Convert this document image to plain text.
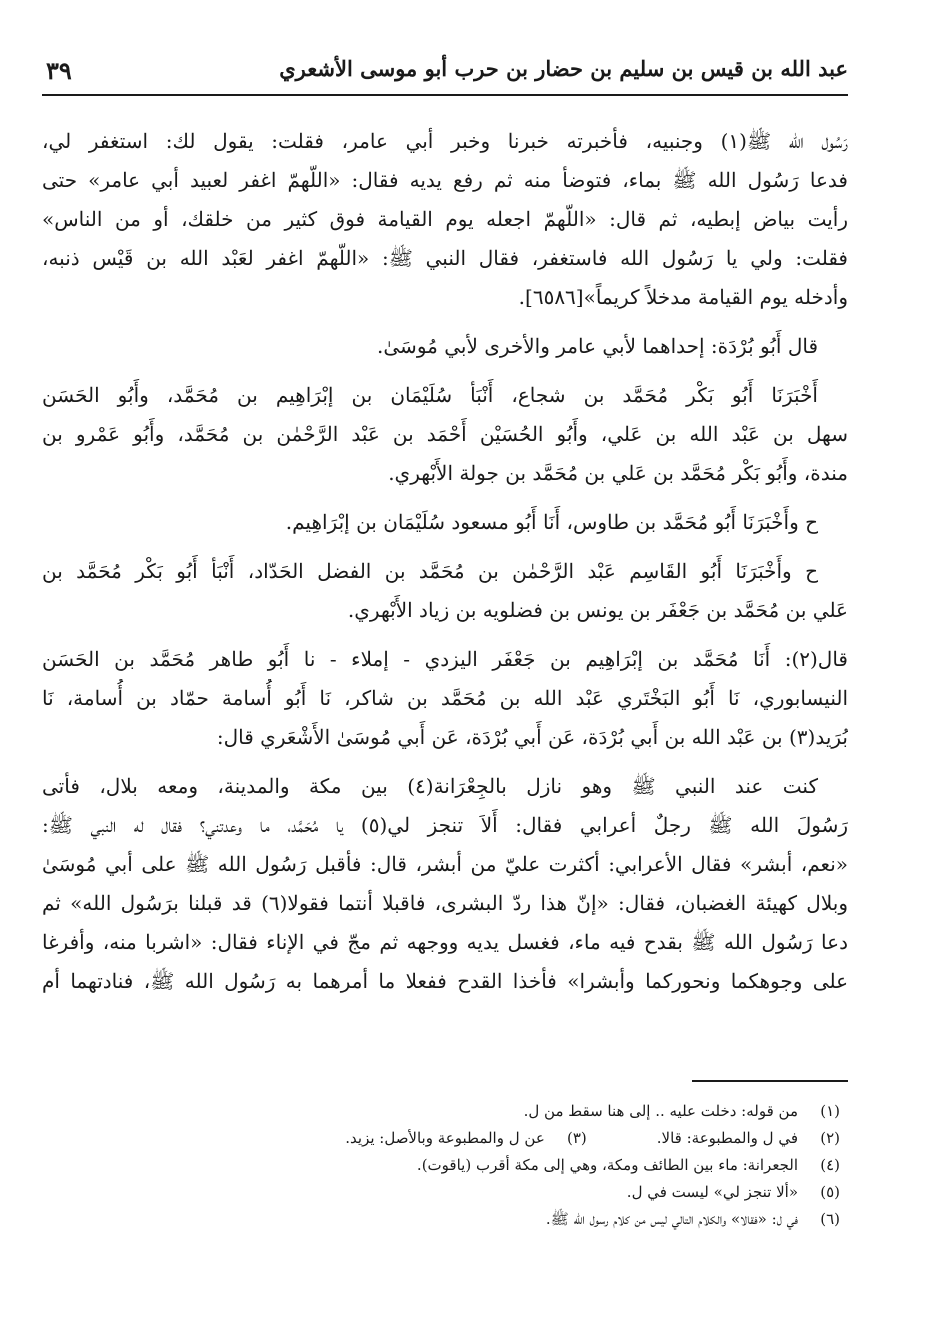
عبد الله بن قيس بن سليم بن حضار بن حرب أبو موسى الأشعري
٣٩
رَسُول الله ﷺ(١) وجنبيه، فأخبرته خبرنا وخبر أبي عامر، فقلت: يقول لك: استغفر لي،
فدعا رَسُول الله ﷺ بماء، فتوضأ منه ثم رفع يديه فقال: «اللّهمّ اغفر لعبيد أبي عامر» حتى
رأيت بياض إبطيه، ثم قال: «اللّهمّ اجعله يوم القيامة فوق كثير من خلقك، أو من الناس»
فقلت: ولي يا رَسُول الله فاستغفر، فقال النبي ﷺ: «اللّهمّ اغفر لعَبْد الله بن قَيْس ذنبه،
وأدخله يوم القيامة مدخلاً كريماً»[٦٥٨٦].
قال أَبُو بُرْدَة: إحداهما لأبي عامر والأخرى لأبي مُوسَىٰ.
أَخْبَرَنَا أَبُو بَكْر مُحَمَّد بن شجاع، أَنْبَأ سُلَيْمَان بن إبْرَاهِيم بن مُحَمَّد، وأَبُو الحَسَن
سهل بن عَبْد الله بن عَلي، وأَبُو الحُسَيْن أَحْمَد بن عَبْد الرَّحْمٰن بن مُحَمَّد، وأَبُو عَمْرو بن
مندة، وأَبُو بَكْر مُحَمَّد بن عَلي بن مُحَمَّد بن جولة الأَبْهري.
ح وأَخْبَرَنَا أَبُو مُحَمَّد بن طاوس، أَنَا أَبُو مسعود سُلَيْمَان بن إبْرَاهِيم.
ح وأَخْبَرَنَا أَبُو القَاسِم عَبْد الرَّحْمٰن بن مُحَمَّد بن الفضل الحَدّاد، أَنْبَأ أَبُو بَكْر مُحَمَّد بن
عَلي بن مُحَمَّد بن جَعْفَر بن يونس بن فضلويه بن زياد الأَبْهري.
قال(٢): أَنَا مُحَمَّد بن إبْرَاهِيم بن جَعْفَر اليزدي - إملاء - نا أَبُو طاهر مُحَمَّد بن الحَسَن
النيسابوري، نَا أَبُو البَخْتَري عَبْد الله بن مُحَمَّد بن شاكر، نَا أَبُو أُسامة حمّاد بن أُسامة، نَا
بُرَيد(٣) بن عَبْد الله بن أَبي بُرْدَة، عَن أَبي بُرْدَة، عَن أَبي مُوسَىٰ الأَشْعَري قال:
كنت عند النبي ﷺ وهو نازل بالجِعْرَانة(٤) بين مكة والمدينة، ومعه بلال، فأتى
رَسُولَ الله ﷺ رجلٌ أعرابي فقال: أَلاَ تنجز لي(٥) يا مُحَمَّد، ما وعدتني؟ فقال له النبي ﷺ:
«نعم، أبشر» فقال الأعرابي: أكثرت عليّ من أبشر، قال: فأقبل رَسُول الله ﷺ على أبي مُوسَىٰ
وبلال كهيئة الغضبان، فقال: «إنّ هذا ردّ البشرى، فاقبلا أنتما فقولا(٦) قد قبلنا برَسُول الله» ثم
دعا رَسُول الله ﷺ بقدح فيه ماء، فغسل يديه ووجهه ثم مجّ في الإناء فقال: «اشربا منه، وأفرغا
على وجوهكما ونحوركما وأبشرا» فأخذا القدح ففعلا ما أمرهما به رَسُول الله ﷺ، فنادتهما أم
(١)من قوله: دخلت عليه .. إلى هنا سقط من ل.
(٢)في ل والمطبوعة: قالا.(٣)عن ل والمطبوعة وبالأصل: يزيد.
(٤)الجعرانة: ماء بين الطائف ومكة، وهي إلى مكة أقرب (ياقوت).
(٥)«ألا تنجز لي» ليست في ل.
(٦)في ل: «فقالا» والكلام التالي ليس من كلام رسول الله ﷺ.
